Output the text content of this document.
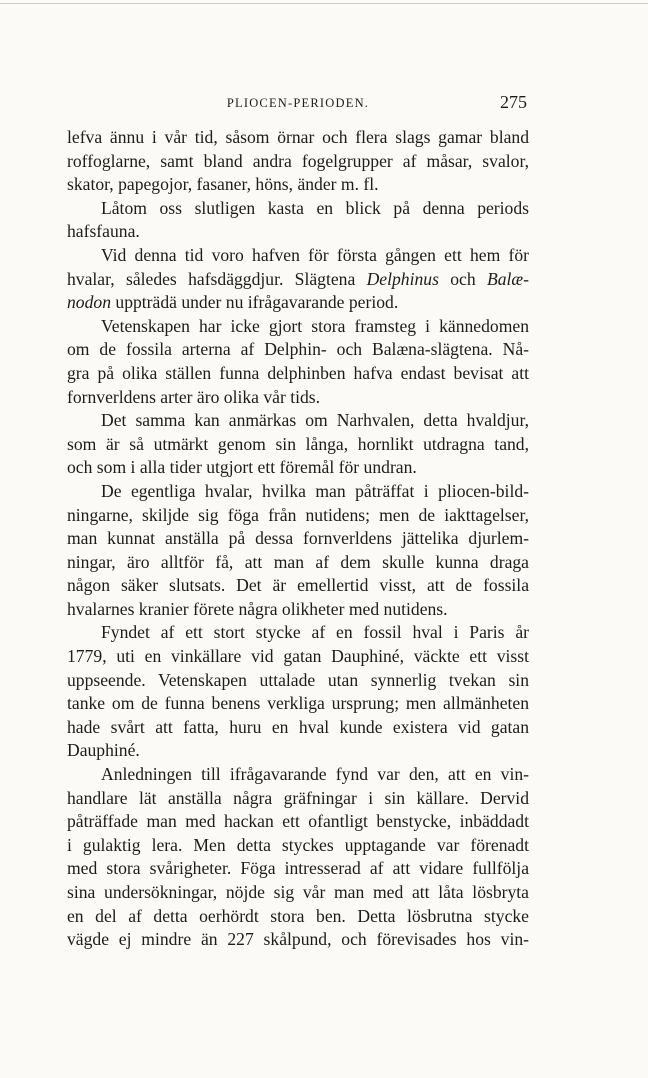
PLIOCEN-PERIODEN.	275
lefva ännu i vår tid, såsom örnar och flera slags gamar bland
roffoglarne, samt bland andra fogelgrupper af måsar, svalor,
skator, papegojor, fasaner, höns, änder m. fl.
Låtom oss slutligen kasta en blick på denna periods
hafsfauna.
Vid denna tid voro hafven för första gången ett hem för
hvalar, således hafsdäggdjur. Slägtena Delphinus och Balæ-
nodon uppträdä under nu ifrågavarande period.
Vetenskapen har icke gjort stora framsteg i kännedomen
om de fossila arterna af Delphin- och Balæna-slägtena. Nå-
gra på olika ställen funna delphinben hafva endast bevisat att
fornverldens arter äro olika vår tids.
Det samma kan anmärkas om Narhvalen, detta hvaldjur,
som är så utmärkt genom sin långa, hornlikt utdragna tand,
och som i alla tider utgjort ett föremål för undran.
De egentliga hvalar, hvilka man påträffat i pliocen-bild-
ningarne, skiljde sig föga från nutidens; men de iakttagelser,
man kunnat anställa på dessa fornverldens jättelika djurlem-
ningar, äro alltför få, att man af dem skulle kunna draga
någon säker slutsats. Det är emellertid visst, att de fossila
hvalarnes kranier förete några olikheter med nutidens.
Fyndet af ett stort stycke af en fossil hval i Paris år
1779, uti en vinkällare vid gatan Dauphiné, väckte ett visst
uppseende. Vetenskapen uttalade utan synnerlig tvekan sin
tanke om de funna benens verkliga ursprung; men allmänheten
hade svårt att fatta, huru en hval kunde existera vid gatan
Dauphiné.
Anledningen till ifrågavarande fynd var den, att en vin-
handlare lät anställa några gräfningar i sin källare. Dervid
påträffade man med hackan ett ofantligt benstycke, inbäddadt
i gulaktig lera. Men detta styckes upptagande var förenadt
med stora svårigheter. Föga intresserad af att vidare fullfölja
sina undersökningar, nöjde sig vår man med att låta lösbryta
en del af detta oerhördt stora ben. Detta lösbrutna stycke
vägde ej mindre än 227 skålpund, och förevisades hos vin-
